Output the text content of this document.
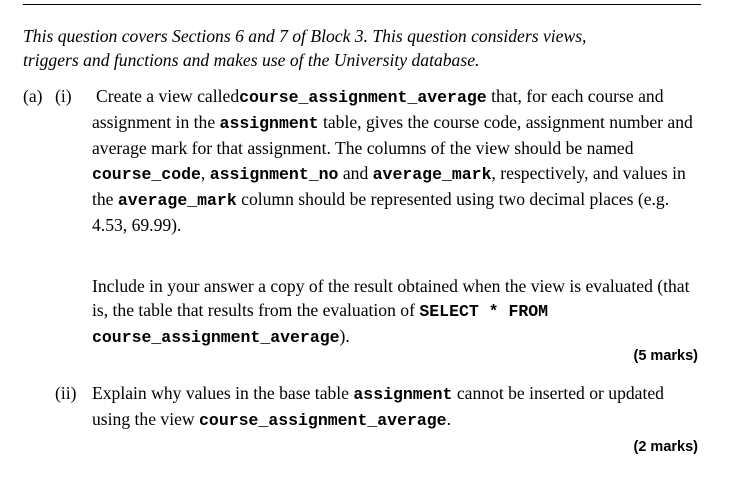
This question covers Sections 6 and 7 of Block 3. This question considers views,

triggers and functions and makes use of the University database.

(a) (i) Create a view calledcourse_assignment_average that, for each course and assignment in the assignment table, gives the course code, assignment number and average mark for that assignment. The columns of the view should be named course_code, assignment_no and average_mark, respectively, and values in the average_mark column should be represented using two decimal places (e.g. 4.53, 69.99).
Include in your answer a copy of the result obtained when the view is evaluated (that is, the table that results from the evaluation of SELECT * FROM course_assignment_average).
(5 marks)
(ii) Explain why values in the base table assignment cannot be inserted or updated using the view course_assignment_average.
(2 marks)
